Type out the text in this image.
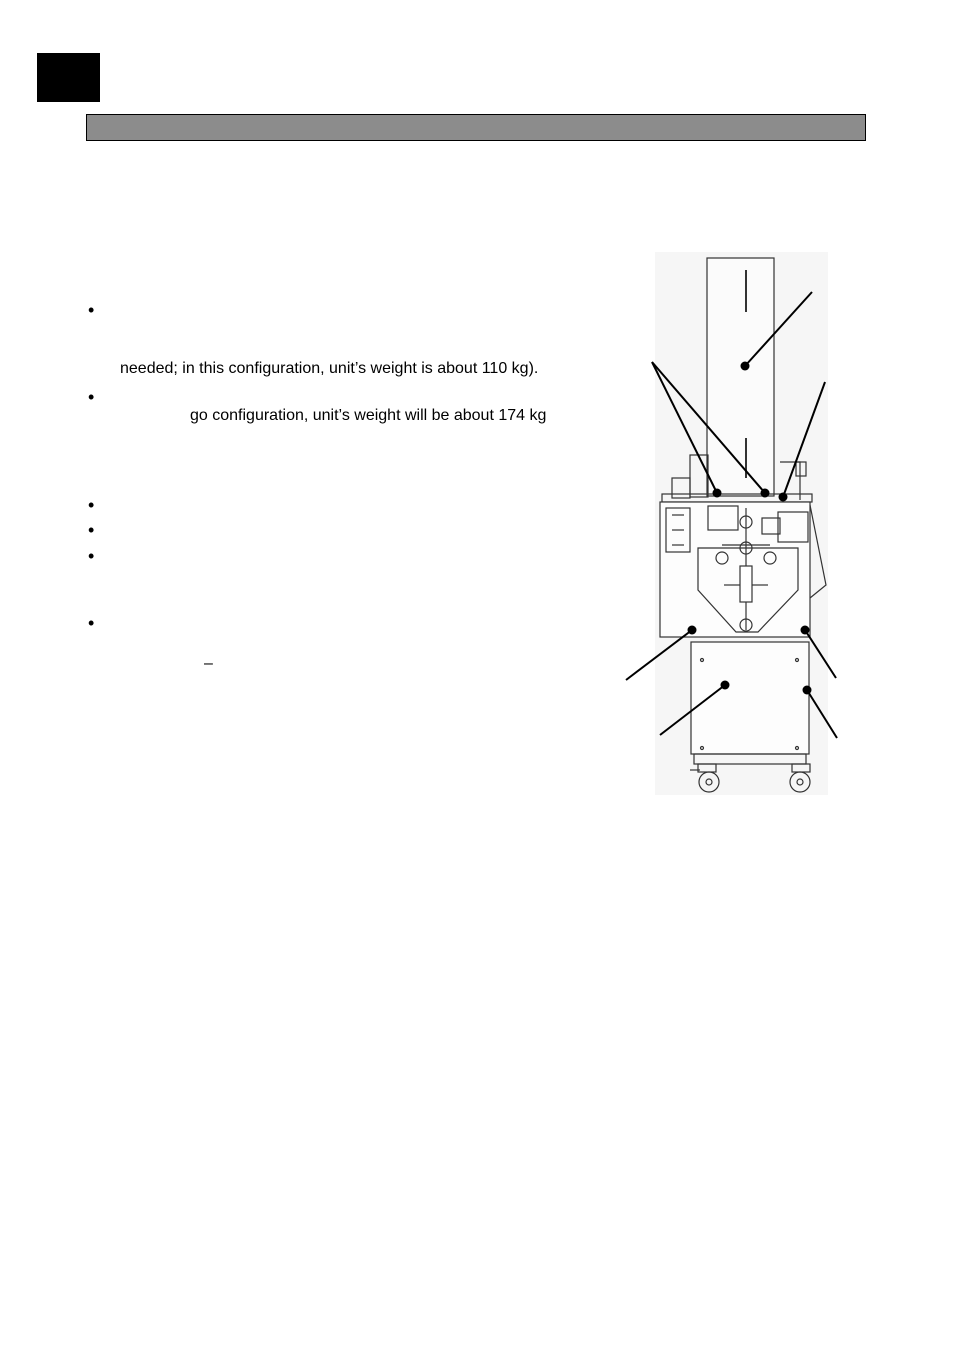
•
needed; in this configuration, unit’s weight is about 110 kg).
•
go configuration, unit’s weight will be about 174 kg
•
•
•
•
–
